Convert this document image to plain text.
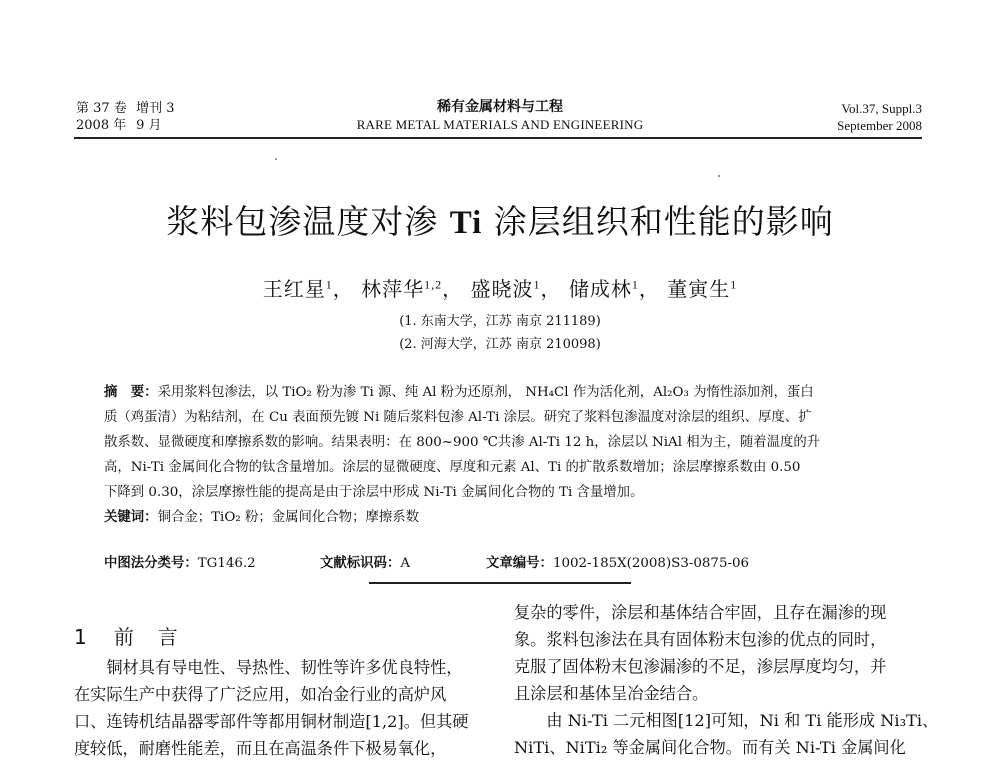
第 37 卷 增刊 3
2008 年 9 月
稀有金属材料与工程
RARE METAL MATERIALS AND ENGINEERING
Vol.37, Suppl.3
September 2008
浆料包渗温度对渗 Ti 涂层组织和性能的影响
王红星$^1$， 林萍华$^{1,2}$， 盛晓波$^1$， 储成林$^1$， 董寅生$^1$
(1. 东南大学，江苏 南京 211189)
(2. 河海大学，江苏 南京 210098)
摘　要：采用浆料包渗法，以 TiO₂ 粉为渗 Ti 源、纯 Al 粉为还原剂， NH₄Cl 作为活化剂，Al₂O₃ 为惰性添加剂，蛋白
质（鸡蛋清）为粘结剂，在 Cu 表面预先镀 Ni 随后浆料包渗 Al-Ti 涂层。研究了浆料包渗温度对涂层的组织、厚度、扩
散系数、显微硬度和摩擦系数的影响。结果表明：在 800~900 ℃共渗 Al-Ti 12 h，涂层以 NiAl 相为主，随着温度的升
高，Ni-Ti 金属间化合物的钛含量增加。涂层的显微硬度、厚度和元素 Al、Ti 的扩散系数增加；涂层摩擦系数由 0.50
下降到 0.30，涂层摩擦性能的提高是由于涂层中形成 Ni-Ti 金属间化合物的 Ti 含量增加。
关键词：铜合金；TiO₂ 粉；金属间化合物；摩擦系数
中图法分类号：TG146.2	文献标识码：A	文章编号：1002-185X(2008)S3-0875-06
1 前　言
　　铜材具有导电性、导热性、韧性等许多优良特性，
在实际生产中获得了广泛应用，如冶金行业的高炉风
口、连铸机结晶器零部件等都用铜材制造[1,2]。但其硬
度较低，耐磨性能差，而且在高温条件下极易氧化，
复杂的零件，涂层和基体结合牢固，且存在漏渗的现
象。浆料包渗法在具有固体粉末包渗的优点的同时，
克服了固体粉末包渗漏渗的不足，渗层厚度均匀，并
且涂层和基体呈冶金结合。
　　由 Ni-Ti 二元相图[12]可知，Ni 和 Ti 能形成 Ni₃Ti、
NiTi、NiTi₂ 等金属间化合物。而有关 Ni-Ti 金属间化
